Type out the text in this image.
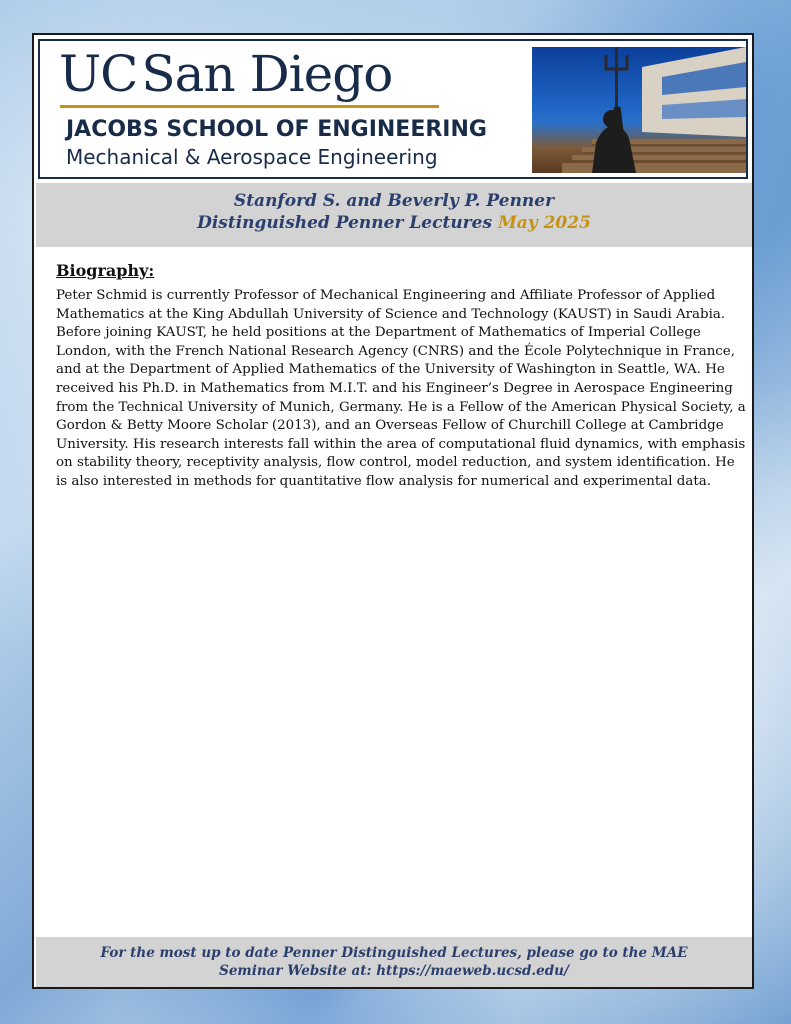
UCSan Diego
JACOBS SCHOOL OF ENGINEERING
Mechanical & Aerospace Engineering
Stanford S. and Beverly P. Penner
Distinguished Penner Lectures May 2025
Biography:
Peter Schmid is currently Professor of Mechanical Engineering and Affiliate Professor of Applied Mathematics at the King Abdullah University of Science and Technology (KAUST) in Saudi Arabia. Before joining KAUST, he held positions at the Department of Mathematics of Imperial College London, with the French National Research Agency (CNRS) and the École Polytechnique in France, and at the Department of Applied Mathematics of the University of Washington in Seattle, WA. He received his Ph.D. in Mathematics from M.I.T. and his Engineer’s Degree in Aerospace Engineering from the Technical University of Munich, Germany. He is a Fellow of the American Physical Society, a Gordon & Betty Moore Scholar (2013), and an Overseas Fellow of Churchill College at Cambridge University. His research interests fall within the area of computational fluid dynamics, with emphasis on stability theory, receptivity analysis, flow control, model reduction, and system identification. He is also interested in methods for quantitative flow analysis for numerical and experimental data.
For the most up to date Penner Distinguished Lectures, please go to the MAE
Seminar Website at: https://maeweb.ucsd.edu/
